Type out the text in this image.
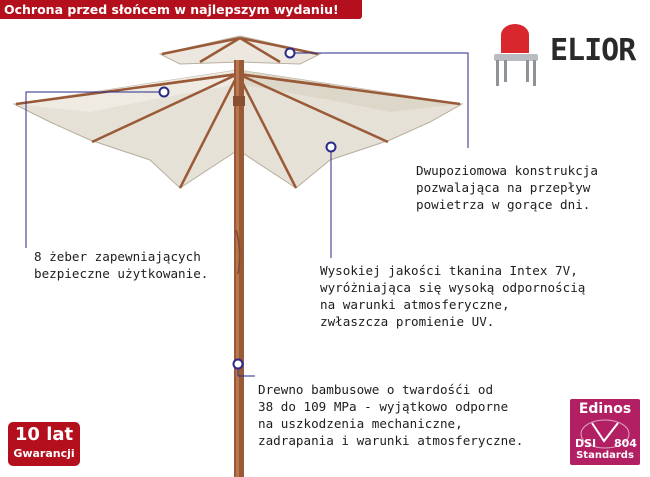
Ochrona przed słońcem w najlepszym wydaniu!
ELIOR
Dwupoziomowa konstrukcja
pozwalająca na przepływ
powietrza w gorące dni.
8 żeber zapewniających
bezpieczne użytkowanie.	Wysokiej jakości tkanina Intex 7V,
wyróżniająca się wysoką odpornością
na warunki atmosferyczne,
zwłaszcza promienie UV.
Drewno bambusowe o twardośći od
38 do 109 MPa - wyjątkowo odporne
na uszkodzenia mechaniczne,
zadrapania i warunki atmosferyczne.
10 lat
Gwarancji
Edinos
DSI 804
Standards
